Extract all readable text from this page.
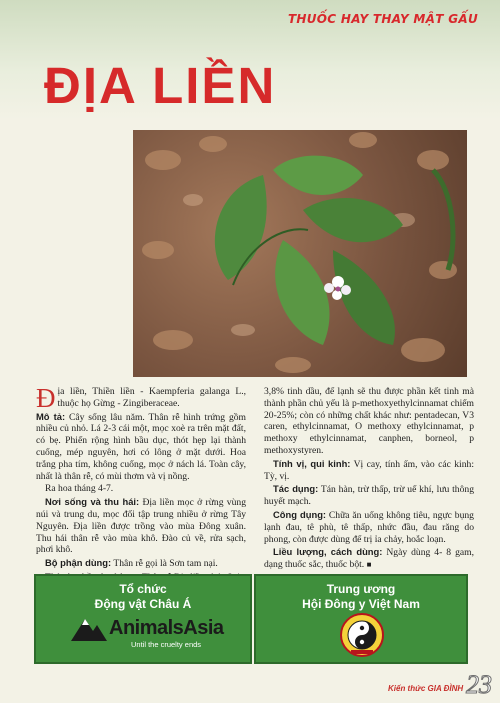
THUỐC HAY THAY MẬT GẤU
ĐỊA LIỀN

Địa liền, Thiền liền - Kaempferia galanga L., thuộc họ Gừng - Zingiberaceae.

Mô tả: Cây sống lâu năm. Thân rễ hình trứng gồm nhiều củ nhỏ. Lá 2-3 cái một, mọc xoè ra trên mặt đất, có bẹ. Phiến rộng hình bầu dục, thót hẹp lại thành cuống, mép nguyên, hơi có lông ở mặt dưới. Hoa trắng pha tím, không cuống, mọc ở nách lá. Toàn cây, nhất là thân rễ, có mùi thơm và vị nồng.

Ra hoa tháng 4-7.

Nơi sống và thu hái: Địa liền mọc ở rừng vùng núi và trung du, mọc đối tập trung nhiều ở rừng Tây Nguyên. Địa liền được trồng vào mùa Đông xuân. Thu hái thân rễ vào mùa khô. Đào củ về, rửa sạch, phơi khô.

Bộ phận dùng: Thân rễ gọi là Sơn tam nại.

3,8% tinh dầu, để lạnh sẽ thu được phần kết tinh mà thành phần chủ yếu là p-methoxyethylcinnamat chiếm 20-25%; còn có những chất khác như: pentadecan, V3 caren, ethylcinnamat, O methoxy ethylcinnamat, p methoxy ethylcinnamat, canphen, borneol, p methoxystyren.

Tính vị, qui kinh: Vị cay, tính ấm, vào các kinh: Tỳ, vị.

Tác dụng: Tán hàn, trừ thấp, trừ uế khí, lưu thông huyết mạch.

Công dụng: Chữa ăn uống không tiêu, ngực bụng lạnh đau, tê phù, tê thấp, nhức đầu, đau răng do phong, còn được dùng để trị ỉa chảy, hoắc loạn.

Liều lượng, cách dùng: Ngày dùng 4- 8 gam, dạng thuốc sắc, thuốc bột. ■

Tổ chức
Động vật Châu Á
AnimalsAsia
Until the cruelty ends
Trung ương
Hội Đông y Việt Nam
Kiến thức GIA ĐÌNH 23
